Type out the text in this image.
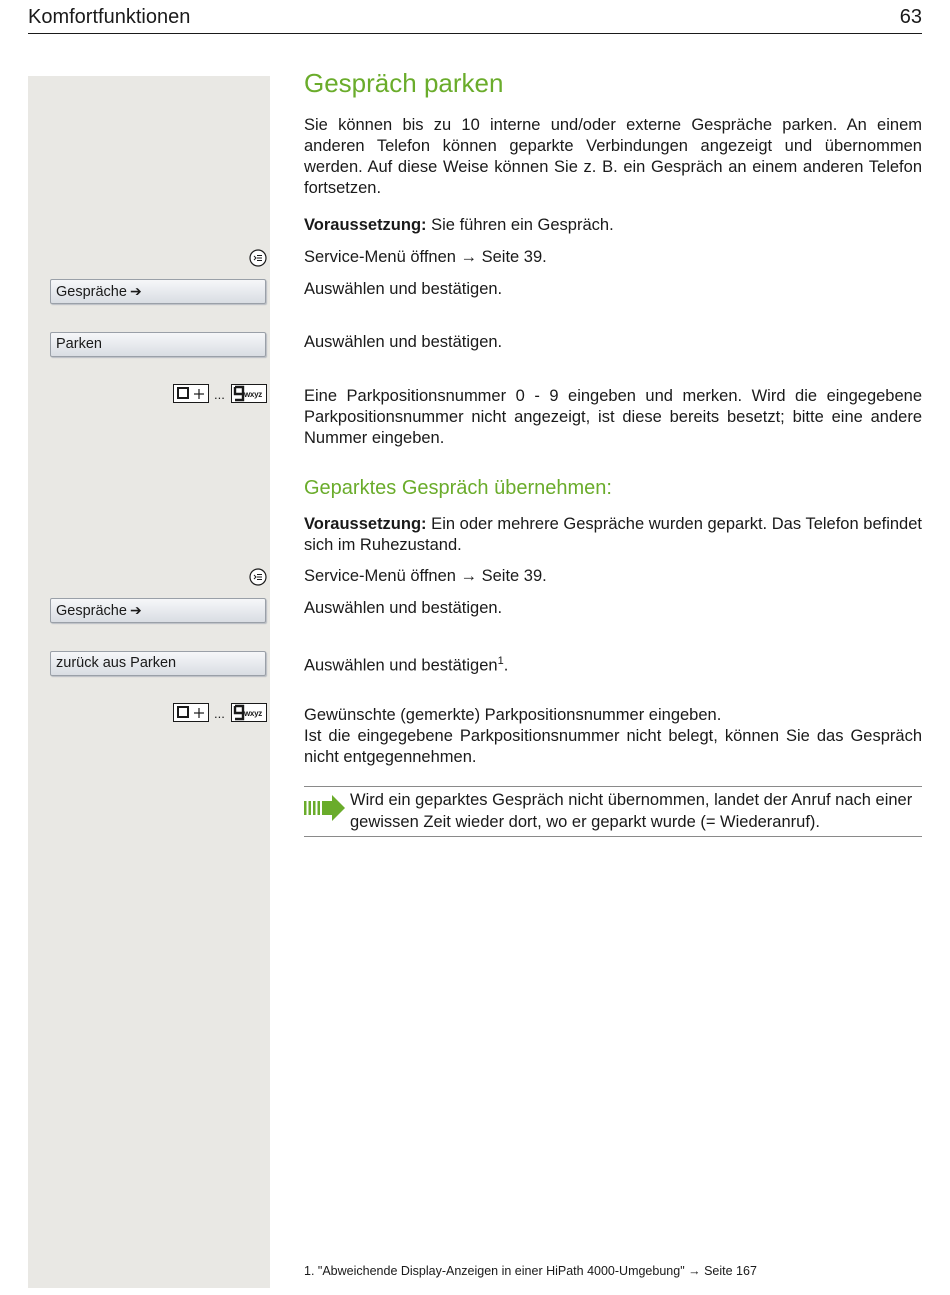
Komfortfunktionen	63
Gespräch parken
Sie können bis zu 10 interne und/oder externe Gespräche parken. An einem anderen Telefon können geparkte Verbindungen angezeigt und übernommen werden. Auf diese Weise können Sie z. B. ein Gespräch an einem anderen Telefon fortsetzen.
Voraussetzung: Sie führen ein Gespräch.
Service-Menü öffnen → Seite 39.
Gespräche ➔	Auswählen und bestätigen.
Parken	Auswählen und bestätigen.
... wxyz	Eine Parkpositionsnummer 0 - 9 eingeben und merken. Wird die eingegebene Parkpositionsnummer nicht angezeigt, ist diese bereits besetzt; bitte eine andere Nummer eingeben.
Geparktes Gespräch übernehmen:
Voraussetzung: Ein oder mehrere Gespräche wurden geparkt. Das Telefon befindet sich im Ruhezustand.
Service-Menü öffnen → Seite 39.
Gespräche ➔	Auswählen und bestätigen.
zurück aus Parken	Auswählen und bestätigen$^1$.
... wxyz	Gewünschte (gemerkte) Parkpositionsnummer eingeben.
Ist die eingegebene Parkpositionsnummer nicht belegt, können Sie das Gespräch nicht entgegennehmen.
Wird ein geparktes Gespräch nicht übernommen, landet der Anruf nach einer gewissen Zeit wieder dort, wo er geparkt wurde (= Wiederanruf).
1. "Abweichende Display-Anzeigen in einer HiPath 4000-Umgebung" → Seite 167
